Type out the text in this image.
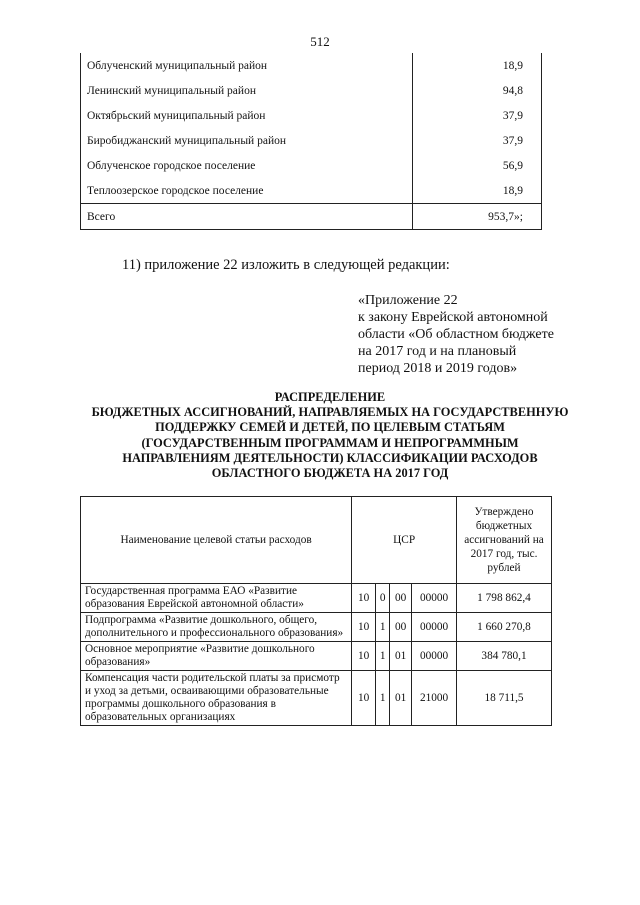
512
Облученский муниципальный район	18,9
Ленинский муниципальный район	94,8
Октябрьский муниципальный район	37,9
Биробиджанский муниципальный район	37,9
Облученское городское поселение	56,9
Теплоозерское городское поселение	18,9
Всего	953,7»;
11) приложение 22 изложить в следующей редакции:
«Приложение 22
к закону Еврейской автономной
области «Об областном бюджете
на 2017 год и на плановый
период 2018 и 2019 годов»
РАСПРЕДЕЛЕНИЕ
БЮДЖЕТНЫХ АССИГНОВАНИЙ, НАПРАВЛЯЕМЫХ НА ГОСУДАРСТВЕННУЮ
ПОДДЕРЖКУ СЕМЕЙ И ДЕТЕЙ, ПО ЦЕЛЕВЫМ СТАТЬЯМ
(ГОСУДАРСТВЕННЫМ ПРОГРАММАМ И НЕПРОГРАММНЫМ
НАПРАВЛЕНИЯМ ДЕЯТЕЛЬНОСТИ) КЛАССИФИКАЦИИ РАСХОДОВ
ОБЛАСТНОГО БЮДЖЕТА НА 2017 ГОД
Наименование целевой статьи расходов	ЦСР				Утверждено
бюджетных
ассигнований на
2017 год, тыс.
рублей

Государственная программа ЕАО «Развитие образования Еврейской автономной области»	10	0	00	00000	1 798 862,4
Подпрограмма «Развитие дошкольного, общего, дополнительного и профессионального образования»	10	1	00	00000	1 660 270,8
Основное мероприятие «Развитие дошкольного образования»	10	1	01	00000	384 780,1
Компенсация части родительской платы за присмотр и уход за детьми, осваивающими образовательные программы дошкольного образования в образовательных организациях	10	1	01	21000	18 711,5
